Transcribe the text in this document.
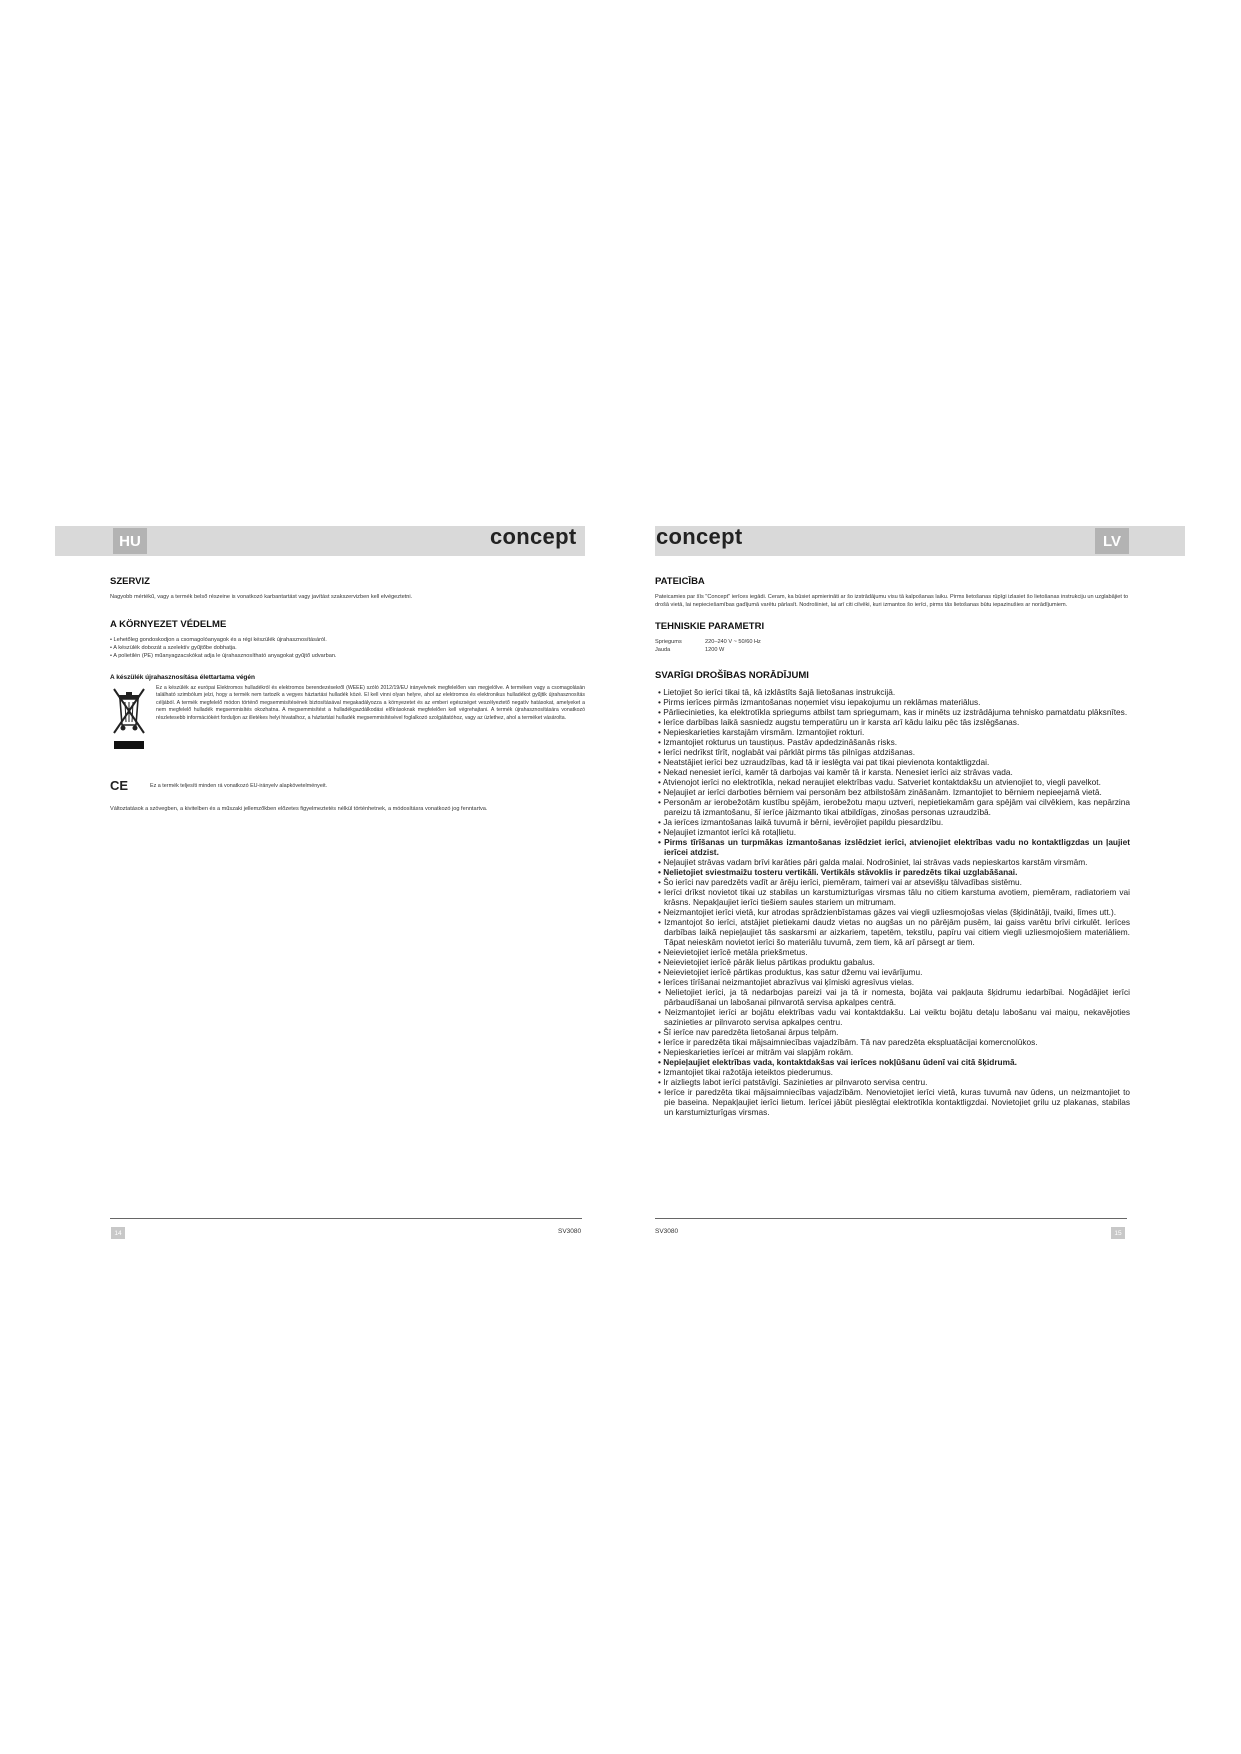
HU	LV
concept	concept
SZERVIZ

Nagyobb mértékű, vagy a termék belső részeine is vonatkozó karbantartást vagy javítást szakszervizben kell elvégeztetni.

A KÖRNYEZET VÉDELME
• Lehetőleg gondoskodjon a csomagolóanyagok és a régi készülék újrahasznosításáról.
• A készülék dobozát a szelektív gyűjtőbe dobhatja.
• A polietilén (PE) műanyagzacskókat adja le újrahasznosítható anyagokat gyűjtő udvarban.
A készülék újrahasznosítása élettartama végén
Ez a készülék az európai Elektromos hulladékról és elektromos berendezésekről (WEEE) szóló 2012/19/EU irányelvnek megfelelően van megjelölve. A terméken vagy a csomagolásán található szimbólum jelzi, hogy a termék nem tartozik a vegyes háztartási hulladék közé. El kell vinni olyan helyre, ahol az elektromos és elektronikus hulladékot gyűjtik újrahasznosítás céljából. A termék megfelelő módon történő megsemmisítésének biztosításával megakadályozza a környezetet és az emberi egészséget veszélyeztető negatív hatásokat, amelyeket a nem megfelelő hulladék megsemmisítés okozhatna. A megsemmisítést a hulladékgazdálkodási előírásoknak megfelelően kell végrehajtani. A termék újrahasznosítására vonatkozó részletesebb információkért forduljon az illetékes helyi hivatalhoz, a háztartási hulladék megsemmisítésével foglalkozó szolgáltatóhoz, vagy az üzlethez, ahol a terméket vásárolta.
CE	Ez a termék teljesíti minden rá vonatkozó EU-irányelv alapkövetelményeit.

Változtatások a szövegben, a kivitelben és a műszaki jellemzőkben előzetes figyelmeztetés nélkül történhetnek, a módosításra vonatkozó jog fenntartva.

PATEICĪBA

Pateicamies par šīs "Concept" ierīces iegādi. Ceram, ka būsiet apmierināti ar šo izstrādājumu visu tā kalpošanas laiku. Pirms lietošanas rūpīgi izlasiet šo lietošanas instrukciju un uzglabājiet to drošā vietā, lai nepieciešamības gadījumā varētu pārlasīt. Nodrošiniet, lai arī citi cilvēki, kuri izmantos šo ierīci, pirms tās lietošanas būtu iepazinušies ar norādījumiem.

TEHNISKIE PARAMETRI
Spriegums	220–240 V ~ 50/60 Hz
Jauda	1200 W
SVARĪGI DROŠĪBAS NORĀDĪJUMI
• Lietojiet šo ierīci tikai tā, kā izklāstīts šajā lietošanas instrukcijā.
• Pirms ierīces pirmās izmantošanas noņemiet visu iepakojumu un reklāmas materiālus.
• Pārliecinieties, ka elektrotīkla spriegums atbilst tam spriegumam, kas ir minēts uz izstrādājuma tehnisko pamatdatu plāksnītes.
• Ierīce darbības laikā sasniedz augstu temperatūru un ir karsta arī kādu laiku pēc tās izslēgšanas.
• Nepieskarieties karstajām virsmām. Izmantojiet rokturi.
• Izmantojiet rokturus un taustiņus. Pastāv apdedzināšanās risks.
• Ierīci nedrīkst tīrīt, noglabāt vai pārklāt pirms tās pilnīgas atdzišanas.
• Neatstājiet ierīci bez uzraudzības, kad tā ir ieslēgta vai pat tikai pievienota kontaktligzdai.
• Nekad nenesiet ierīci, kamēr tā darbojas vai kamēr tā ir karsta. Nenesiet ierīci aiz strāvas vada.
• Atvienojot ierīci no elektrotīkla, nekad neraujiet elektrības vadu. Satveriet kontaktdakšu un atvienojiet to, viegli pavelkot.
• Neļaujiet ar ierīci darboties bērniem vai personām bez atbilstošām zināšanām. Izmantojiet to bērniem nepieejamā vietā.
• Personām ar ierobežotām kustību spējām, ierobežotu maņu uztveri, nepietiekamām gara spējām vai cilvēkiem, kas nepārzina pareizu tā izmantošanu, šī ierīce jāizmanto tikai atbildīgas, zinošas personas uzraudzībā.
• Ja ierīces izmantošanas laikā tuvumā ir bērni, ievērojiet papildu piesardzību.
• Neļaujiet izmantot ierīci kā rotaļlietu.
• Pirms tīrīšanas un turpmākas izmantošanas izslēdziet ierīci, atvienojiet elektrības vadu no kontaktligzdas un ļaujiet ierīcei atdzist.
• Neļaujiet strāvas vadam brīvi karāties pāri galda malai. Nodrošiniet, lai strāvas vads nepieskartos karstām virsmām.
• Nelietojiet sviestmaižu tosteru vertikāli. Vertikāls stāvoklis ir paredzēts tikai uzglabāšanai.
• Šo ierīci nav paredzēts vadīt ar ārēju ierīci, piemēram, taimeri vai ar atsevišķu tālvadības sistēmu.
• Ierīci drīkst novietot tikai uz stabilas un karstumizturīgas virsmas tālu no citiem karstuma avotiem, piemēram, radiatoriem vai krāsns. Nepakļaujiet ierīci tiešiem saules stariem un mitrumam.
• Neizmantojiet ierīci vietā, kur atrodas sprādzienbīstamas gāzes vai viegli uzliesmojošas vielas (šķidinātāji, tvaiki, līmes utt.).
• Izmantojot šo ierīci, atstājiet pietiekami daudz vietas no augšas un no pārējām pusēm, lai gaiss varētu brīvi cirkulēt. Ierīces darbības laikā nepieļaujiet tās saskarsmi ar aizkariem, tapetēm, tekstilu, papīru vai citiem viegli uzliesmojošiem materiāliem. Tāpat neieskām novietot ierīci šo materiālu tuvumā, zem tiem, kā arī pārsegt ar tiem.
• Neievietojiet ierīcē metāla priekšmetus.
• Neievietojiet ierīcē pārāk lielus pārtikas produktu gabalus.
• Neievietojiet ierīcē pārtikas produktus, kas satur džemu vai ievārījumu.
• Ierīces tīrīšanai neizmantojiet abrazīvus vai ķīmiski agresīvus vielas.
• Nelietojiet ierīci, ja tā nedarbojas pareizi vai ja tā ir nomesta, bojāta vai pakļauta šķidrumu iedarbībai. Nogādājiet ierīci pārbaudīšanai un labošanai pilnvarotā servisa apkalpes centrā.
• Neizmantojiet ierīci ar bojātu elektrības vadu vai kontaktdakšu. Lai veiktu bojātu detaļu labošanu vai maiņu, nekavējoties sazinieties ar pilnvaroto servisa apkalpes centru.
• Šī ierīce nav paredzēta lietošanai ārpus telpām.
• Ierīce ir paredzēta tikai mājsaimniecības vajadzībām. Tā nav paredzēta ekspluatācijai komercnolūkos.
• Nepieskarieties ierīcei ar mitrām vai slapjām rokām.
• Nepieļaujiet elektrības vada, kontaktdakšas vai ierīces nokļūšanu ūdenī vai citā šķidrumā.
• Izmantojiet tikai ražotāja ieteiktos piederumus.
• Ir aizliegts labot ierīci patstāvīgi. Sazinieties ar pilnvaroto servisa centru.
• Ierīce ir paredzēta tikai mājsaimniecības vajadzībām. Nenovietojiet ierīci vietā, kuras tuvumā nav ūdens, un neizmantojiet to pie baseina. Nepakļaujiet ierīci lietum. Ierīcei jābūt pieslēgtai elektrotīkla kontaktligzdai. Novietojiet grilu uz plakanas, stabilas un karstumizturīgas virsmas.
14	15
SV3080	SV3080
